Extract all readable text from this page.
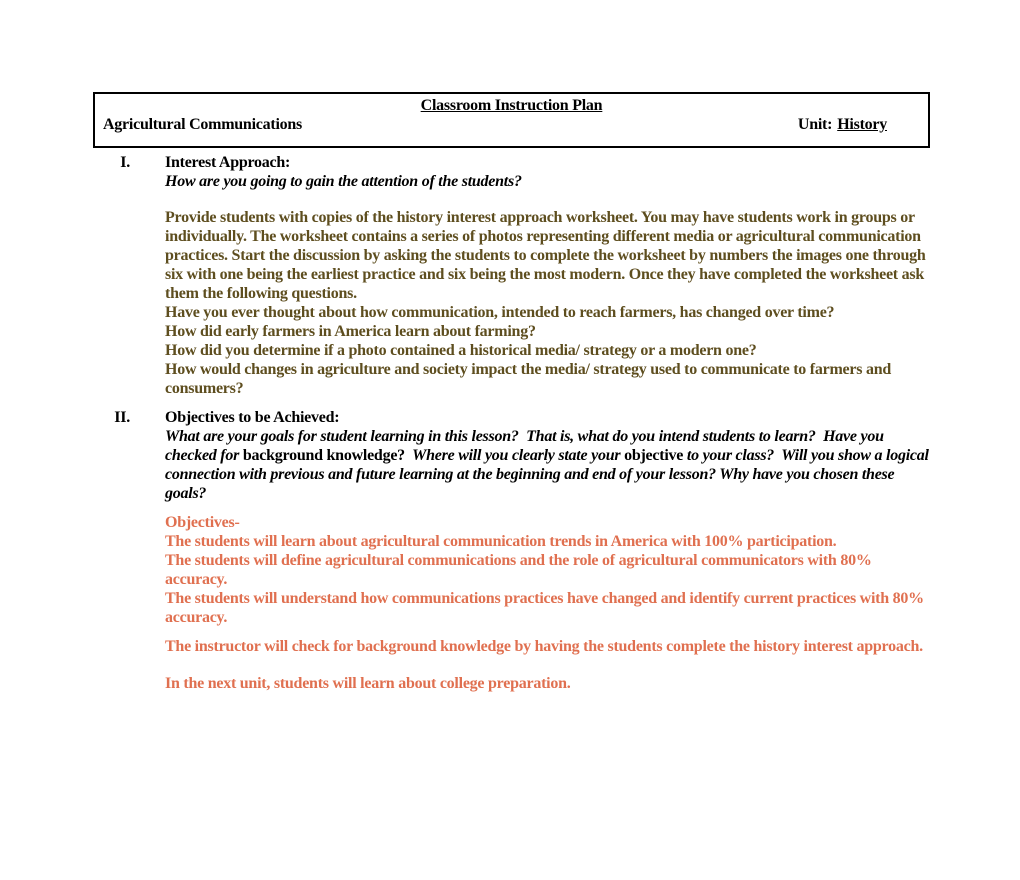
Classroom Instruction Plan
Agricultural Communications	Unit: History
I. Interest Approach:

How are you going to gain the attention of the students?

Provide students with copies of the history interest approach worksheet. You may have students work in groups or individually. The worksheet contains a series of photos representing different media or agricultural communication practices. Start the discussion by asking the students to complete the worksheet by numbers the images one through six with one being the earliest practice and six being the most modern. Once they have completed the worksheet ask them the following questions.

Have you ever thought about how communication, intended to reach farmers, has changed over time?

How did early farmers in America learn about farming?

How did you determine if a photo contained a historical media/ strategy or a modern one?

How would changes in agriculture and society impact the media/ strategy used to communicate to farmers and consumers?

II. Objectives to be Achieved:

What are your goals for student learning in this lesson?  That is, what do you intend students to learn?  Have you checked for background knowledge?  Where will you clearly state your objective to your class?  Will you show a logical connection with previous and future learning at the beginning and end of your lesson? Why have you chosen these goals?

Objectives-

The students will learn about agricultural communication trends in America with 100% participation.

The students will define agricultural communications and the role of agricultural communicators with 80% accuracy.

The students will understand how communications practices have changed and identify current practices with 80% accuracy.

The instructor will check for background knowledge by having the students complete the history interest approach.

In the next unit, students will learn about college preparation.
